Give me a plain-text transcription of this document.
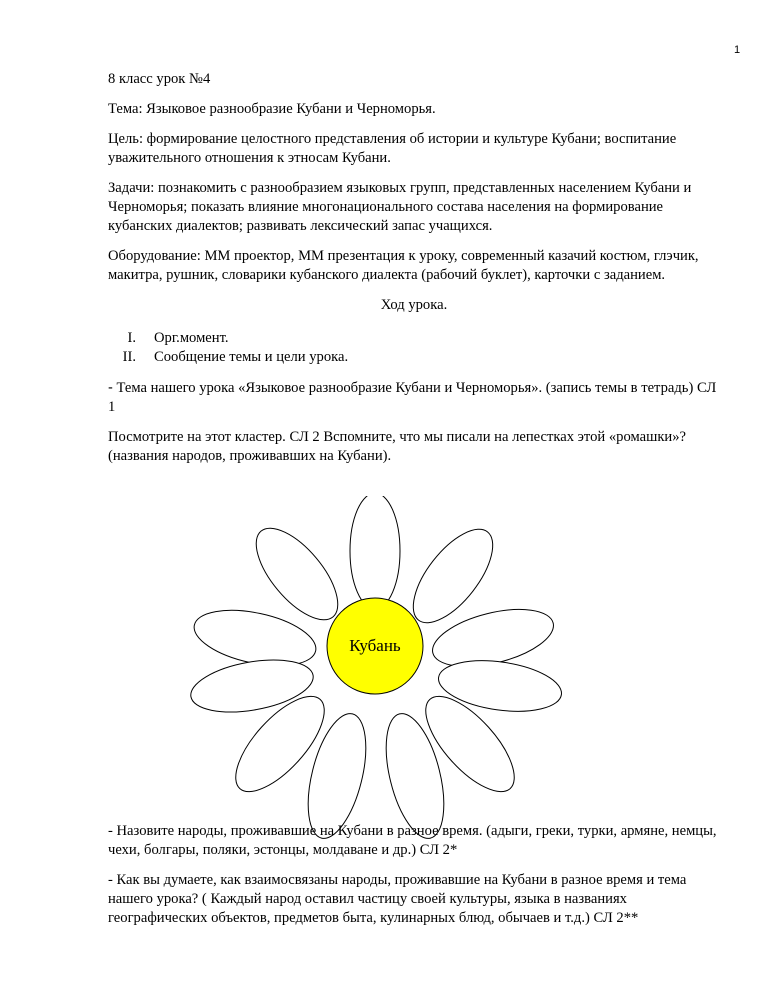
1

8 класс урок №4

Тема: Языковое разнообразие Кубани и Черноморья.

Цель: формирование целостного представления об истории и культуре Кубани; воспитание уважительного отношения к этносам Кубани.

Задачи: познакомить с разнообразием языковых групп, представленных населением Кубани и Черноморья; показать влияние многонационального состава населения на формирование кубанских диалектов; развивать лексический запас учащихся.

Оборудование: ММ проектор, ММ презентация к уроку, современный казачий костюм, глэчик, макитра, рушник, словарики кубанского диалекта (рабочий буклет), карточки с заданием.

Ход урока.

I. Орг.момент.
II. Сообщение темы и цели урока.

- Тема нашего урока «Языковое разнообразие Кубани и Черноморья». (запись темы в тетрадь) СЛ 1

Посмотрите на этот кластер. СЛ 2 Вспомните, что мы писали на лепестках этой «ромашки»? (названия народов, проживавших на Кубани).

Кубань

- Назовите народы, проживавшие на Кубани в разное время. (адыги, греки, турки, армяне, немцы, чехи, болгары, поляки, эстонцы, молдаване и др.) СЛ 2*

- Как вы думаете, как взаимосвязаны народы, проживавшие на Кубани в разное время и тема нашего урока? ( Каждый народ оставил частицу своей культуры, языка в названиях географических объектов, предметов быта, кулинарных блюд, обычаев и т.д.) СЛ 2**
